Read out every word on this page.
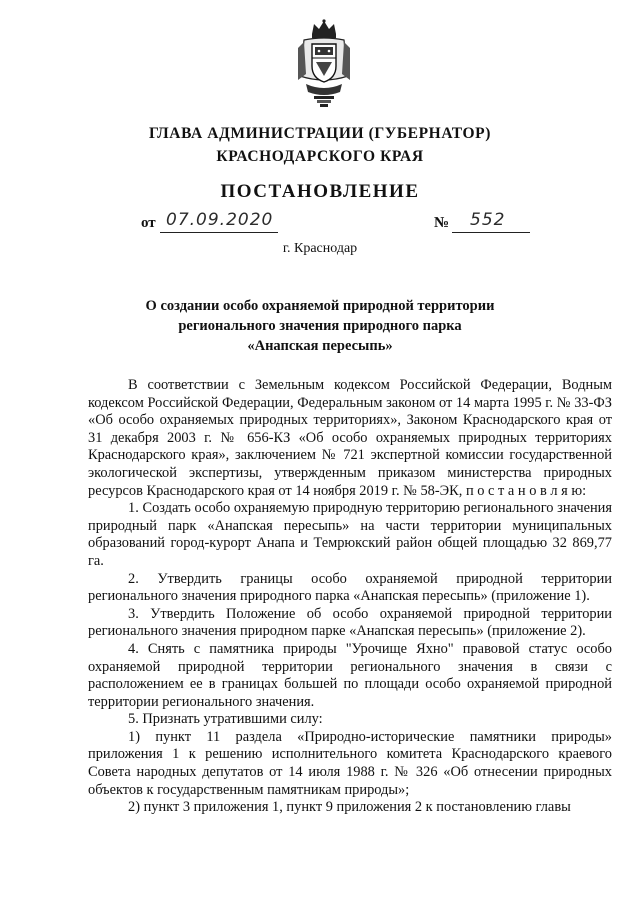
ГЛАВА АДМИНИСТРАЦИИ (ГУБЕРНАТОР)
КРАСНОДАРСКОГО КРАЯ
ПОСТАНОВЛЕНИЕ
от 07.09.2020	№ 552
г. Краснодар
О создании особо охраняемой природной территории
регионального значения природного парка
«Анапская пересыпь»

В соответствии с Земельным кодексом Российской Федерации, Водным кодексом Российской Федерации, Федеральным законом от 14 марта 1995 г. № 33-ФЗ «Об особо охраняемых природных территориях», Законом Краснодарского края от 31 декабря 2003 г. № 656-КЗ «Об особо охраняемых природных территориях Краснодарского края», заключением № 721 экспертной комиссии государственной экологической экспертизы, утвержденным приказом министерства природных ресурсов Краснодарского края от 14 ноября 2019 г. № 58-ЭК, п о с т а н о в л я ю:

1. Создать особо охраняемую природную территорию регионального значения природный парк «Анапская пересыпь» на части территории муниципальных образований город-курорт Анапа и Темрюкский район общей площадью 32 869,77 га.

2. Утвердить границы особо охраняемой природной территории регионального значения природного парка «Анапская пересыпь» (приложение 1).

3. Утвердить Положение об особо охраняемой природной территории регионального значения природном парке «Анапская пересыпь» (приложение 2).

4. Снять с памятника природы "Урочище Яхно" правовой статус особо охраняемой природной территории регионального значения в связи с расположением ее в границах большей по площади особо охраняемой природной территории регионального значения.

5. Признать утратившими силу:

1) пункт 11 раздела «Природно-исторические памятники природы» приложения 1 к решению исполнительного комитета Краснодарского краевого Совета народных депутатов от 14 июля 1988 г. № 326 «Об отнесении природных объектов к государственным памятникам природы»;

2) пункт 3 приложения 1, пункт 9 приложения 2 к постановлению главы
